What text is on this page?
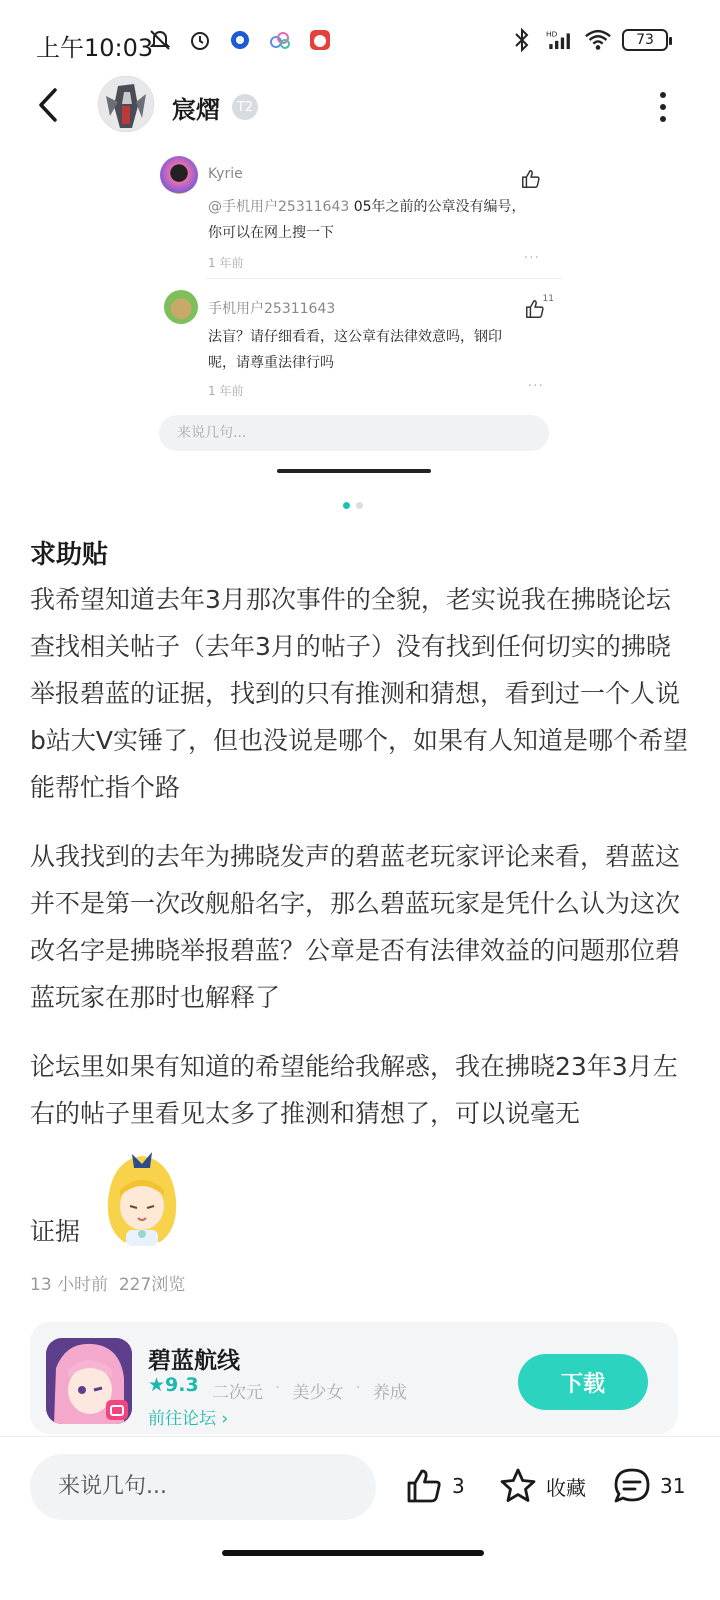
上午10:03	HD	73
宸熠	T2
Kyrie
@手机用户25311643 05年之前的公章没有编号，
你可以在网上搜一下
1 年前	···
手机用户25311643
11
法盲？请仔细看看，这公章有法律效意吗，钢印
呢，请尊重法律行吗
1 年前	···
来说几句...
求助贴

我希望知道去年3月那次事件的全貌，老实说我在拂晓论坛查找相关帖子（去年3月的帖子）没有找到任何切实的拂晓举报碧蓝的证据，找到的只有推测和猜想，看到过一个人说b站大V实锤了，但也没说是哪个，如果有人知道是哪个希望能帮忙指个路

从我找到的去年为拂晓发声的碧蓝老玩家评论来看，碧蓝这并不是第一次改舰船名字，那么碧蓝玩家是凭什么认为这次改名字是拂晓举报碧蓝？公章是否有法律效益的问题那位碧蓝玩家在那时也解释了

论坛里如果有知道的希望能给我解惑，我在拂晓23年3月左右的帖子里看见太多了推测和猜想了，可以说毫无

证据
13 小时前 227浏览
碧蓝航线
★9.3 二次元 · 美少女 · 养成
前往论坛 ›
下载
来说几句...	3	收藏	31
